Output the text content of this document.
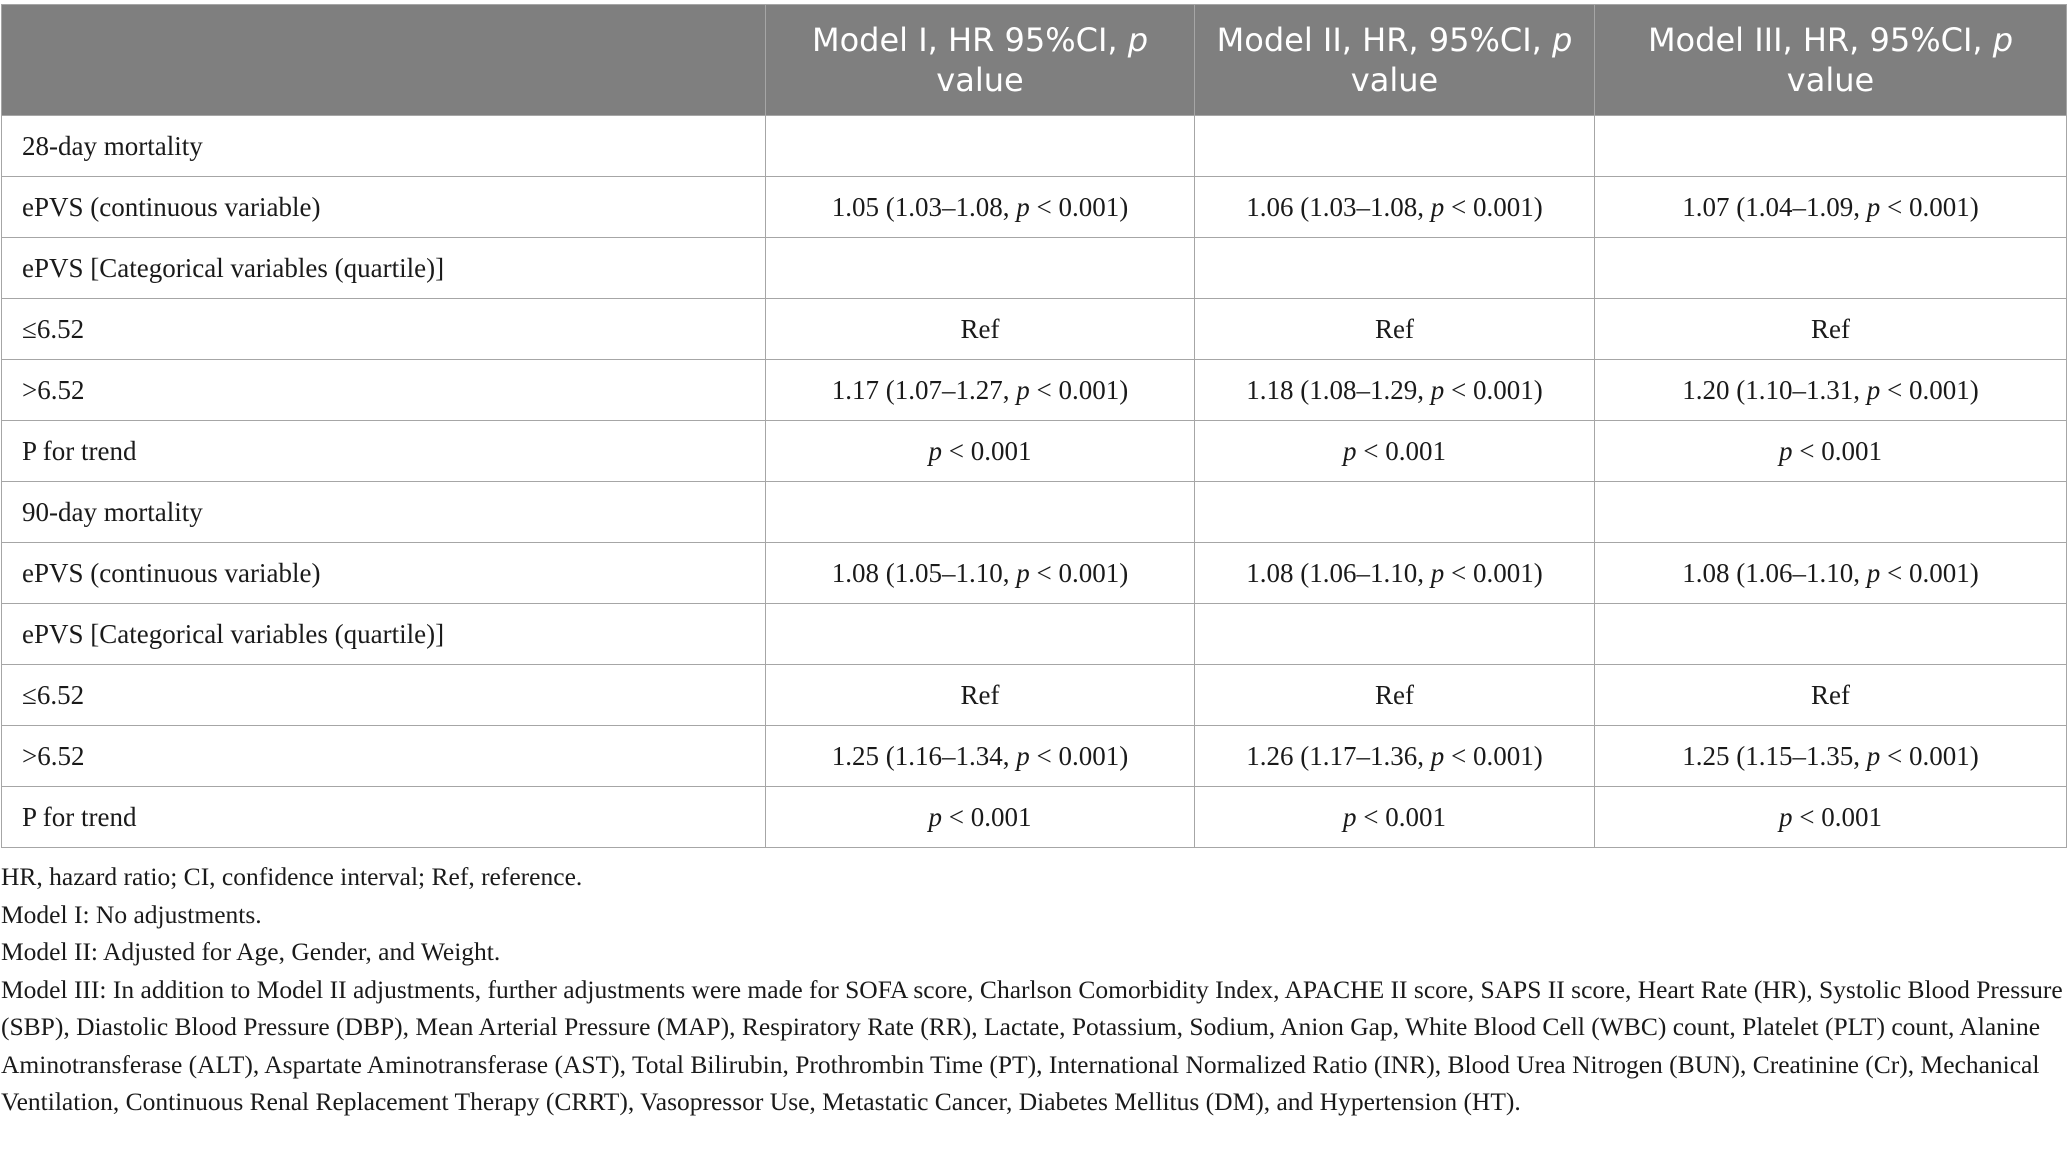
	Model I, HR 95%CI, p value	Model II, HR, 95%CI, p value	Model III, HR, 95%CI, p value
28-day mortality			
ePVS (continuous variable)	1.05 (1.03–1.08, p < 0.001)	1.06 (1.03–1.08, p < 0.001)	1.07 (1.04–1.09, p < 0.001)
ePVS [Categorical variables (quartile)]			
≤6.52	Ref	Ref	Ref
>6.52	1.17 (1.07–1.27, p < 0.001)	1.18 (1.08–1.29, p < 0.001)	1.20 (1.10–1.31, p < 0.001)
P for trend	p < 0.001	p < 0.001	p < 0.001
90-day mortality			
ePVS (continuous variable)	1.08 (1.05–1.10, p < 0.001)	1.08 (1.06–1.10, p < 0.001)	1.08 (1.06–1.10, p < 0.001)
ePVS [Categorical variables (quartile)]			
≤6.52	Ref	Ref	Ref
>6.52	1.25 (1.16–1.34, p < 0.001)	1.26 (1.17–1.36, p < 0.001)	1.25 (1.15–1.35, p < 0.001)
P for trend	p < 0.001	p < 0.001	p < 0.001

HR, hazard ratio; CI, confidence interval; Ref, reference.

Model I: No adjustments.

Model II: Adjusted for Age, Gender, and Weight.

Model III: In addition to Model II adjustments, further adjustments were made for SOFA score, Charlson Comorbidity Index, APACHE II score, SAPS II score, Heart Rate (HR), Systolic Blood Pressure (SBP), Diastolic Blood Pressure (DBP), Mean Arterial Pressure (MAP), Respiratory Rate (RR), Lactate, Potassium, Sodium, Anion Gap, White Blood Cell (WBC) count, Platelet (PLT) count, Alanine Aminotransferase (ALT), Aspartate Aminotransferase (AST), Total Bilirubin, Prothrombin Time (PT), International Normalized Ratio (INR), Blood Urea Nitrogen (BUN), Creatinine (Cr), Mechanical Ventilation, Continuous Renal Replacement Therapy (CRRT), Vasopressor Use, Metastatic Cancer, Diabetes Mellitus (DM), and Hypertension (HT).
